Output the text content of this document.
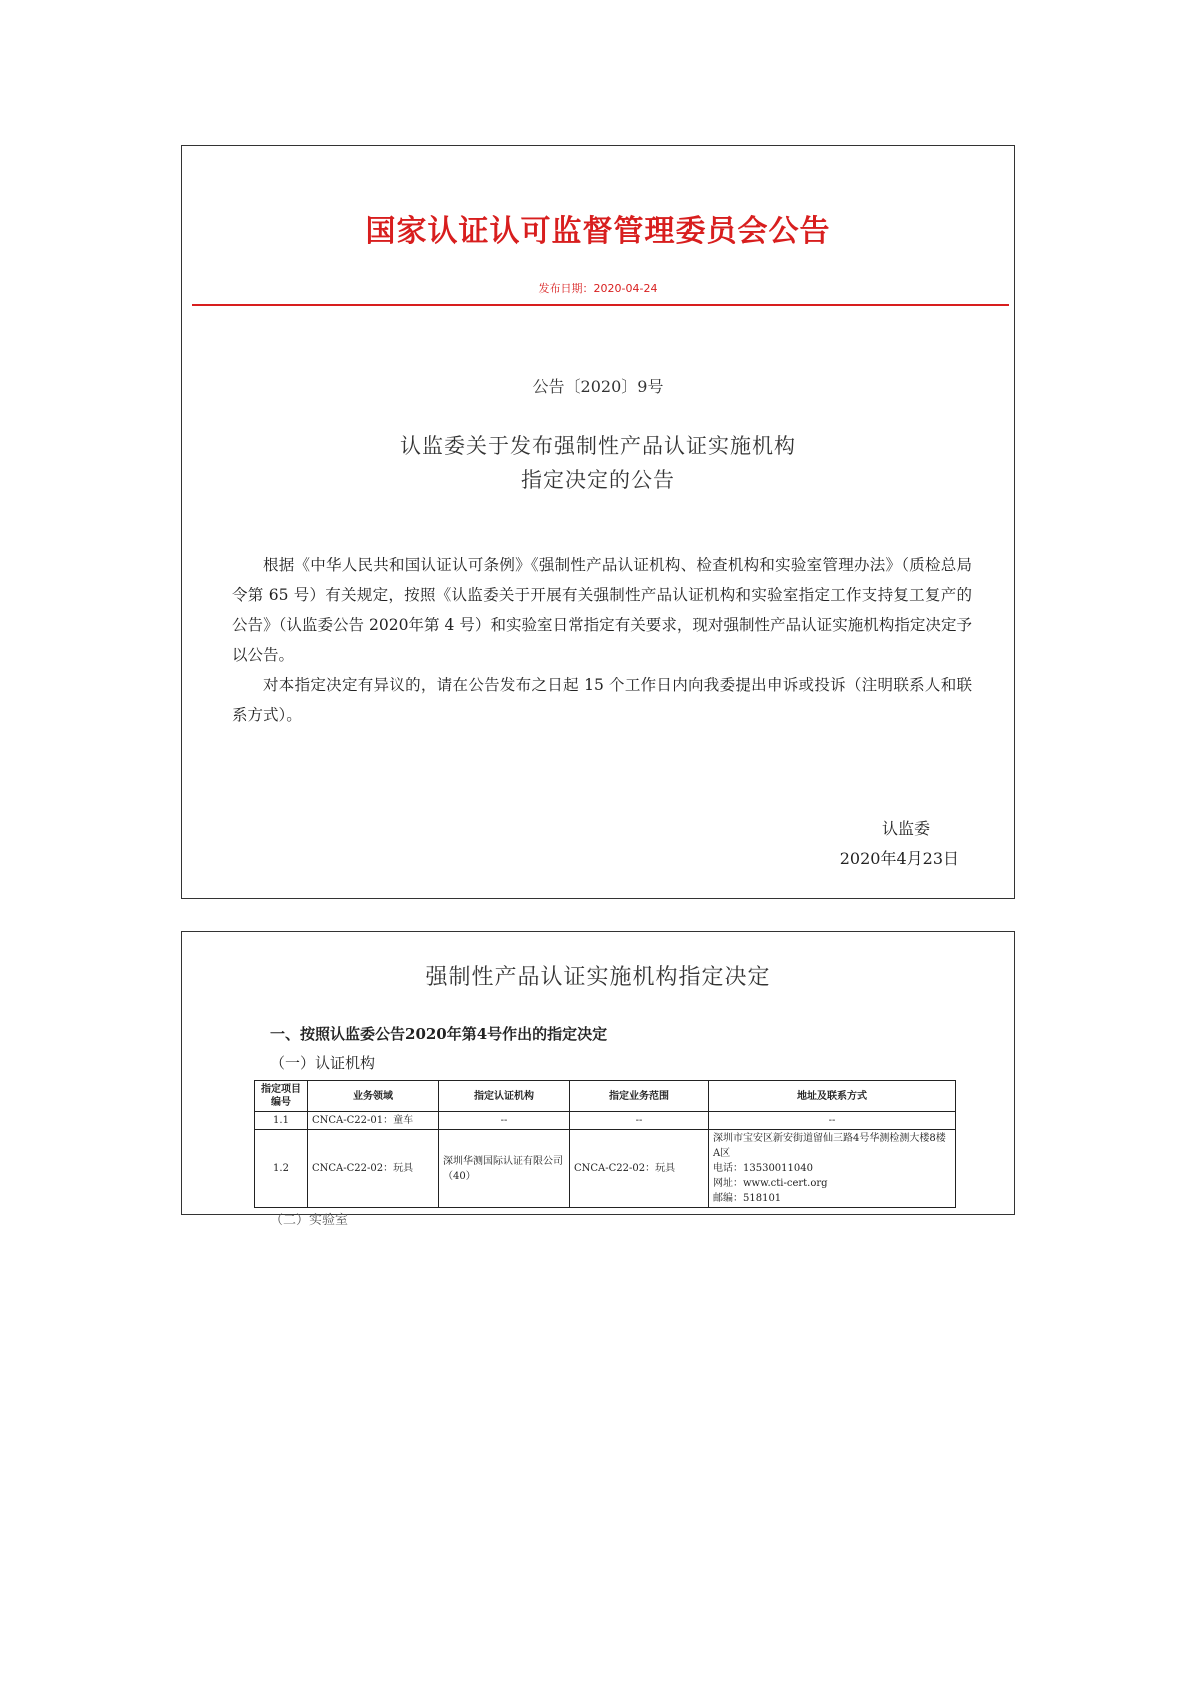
国家认证认可监督管理委员会公告
发布日期：2020-04-24
公告〔2020〕9号
认监委关于发布强制性产品认证实施机构
指定决定的公告

根据《中华人民共和国认证认可条例》《强制性产品认证机构、检查机构和实验室管理办法》（质检总局令第 65 号）有关规定，按照《认监委关于开展有关强制性产品认证机构和实验室指定工作支持复工复产的公告》（认监委公告 2020年第 4 号）和实验室日常指定有关要求，现对强制性产品认证实施机构指定决定予以公告。

对本指定决定有异议的，请在公告发布之日起 15 个工作日内向我委提出申诉或投诉（注明联系人和联系方式）。

认监委
2020年4月23日
强制性产品认证实施机构指定决定
一、按照认监委公告2020年第4号作出的指定决定
（一）认证机构
指定项目编号	业务领域	指定认证机构	指定业务范围	地址及联系方式
1.1	CNCA-C22-01：童车	--	--	--
1.2	CNCA-C22-02：玩具	深圳华测国际认证有限公司（40）	CNCA-C22-02：玩具	深圳市宝安区新安街道留仙三路4号华测检测大楼8楼A区
电话：13530011040
网址：www.cti-cert.org
邮编：518101
（二）实验室
